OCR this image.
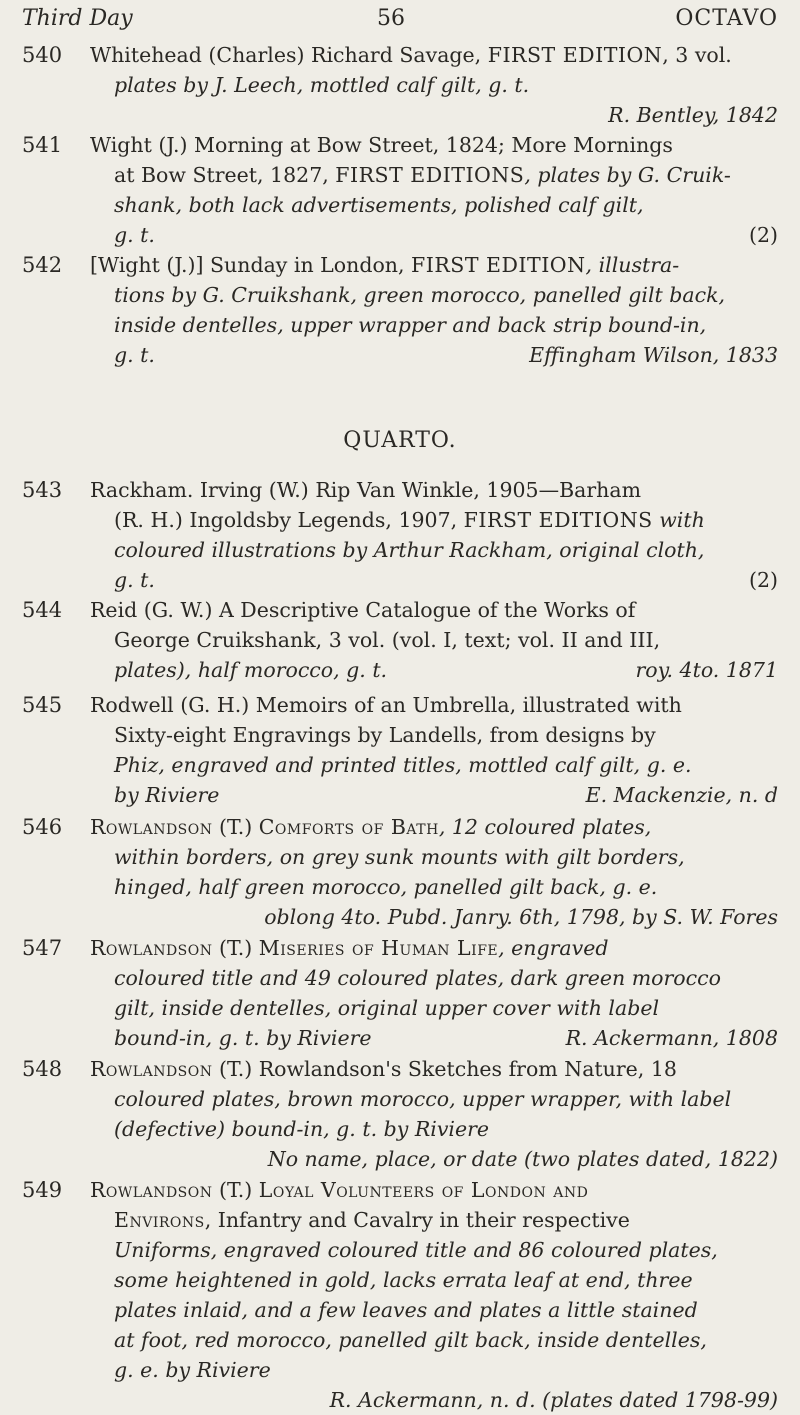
Third Day	56	OCTAVO
540	Whitehead (Charles) Richard Savage, FIRST EDITION, 3 vol.

plates by J. Leech, mottled calf gilt, g. t.

R. Bentley, 1842

541	Wight (J.) Morning at Bow Street, 1824; More Mornings

at Bow Street, 1827, FIRST EDITIONS, plates by G. Cruik-

shank, both lack advertisements, polished calf gilt,

g. t.	(2)

542	[Wight (J.)] Sunday in London, FIRST EDITION, illustra-

tions by G. Cruikshank, green morocco, panelled gilt back,

inside dentelles, upper wrapper and back strip bound-in,

g. t.	Effingham Wilson, 1833

QUARTO.
543	Rackham. Irving (W.) Rip Van Winkle, 1905—Barham

(R. H.) Ingoldsby Legends, 1907, FIRST EDITIONS with

coloured illustrations by Arthur Rackham, original cloth,

g. t.	(2)

544	Reid (G. W.) A Descriptive Catalogue of the Works of

George Cruikshank, 3 vol. (vol. I, text; vol. II and III,

plates), half morocco, g. t.	roy. 4to. 1871

545	Rodwell (G. H.) Memoirs of an Umbrella, illustrated with

Sixty-eight Engravings by Landells, from designs by

Phiz, engraved and printed titles, mottled calf gilt, g. e.

by Riviere	E. Mackenzie, n. d

546	Rowlandson (T.) Comforts of Bath, 12 coloured plates,

within borders, on grey sunk mounts with gilt borders,

hinged, half green morocco, panelled gilt back, g. e.

oblong 4to. Pubd. Janry. 6th, 1798, by S. W. Fores

547	Rowlandson (T.) Miseries of Human Life, engraved

coloured title and 49 coloured plates, dark green morocco

gilt, inside dentelles, original upper cover with label

bound-in, g. t. by Riviere	R. Ackermann, 1808

548	Rowlandson (T.) Rowlandson's Sketches from Nature, 18

coloured plates, brown morocco, upper wrapper, with label

(defective) bound-in, g. t. by Riviere

No name, place, or date (two plates dated, 1822)

549	Rowlandson (T.) Loyal Volunteers of London and

Environs, Infantry and Cavalry in their respective

Uniforms, engraved coloured title and 86 coloured plates,

some heightened in gold, lacks errata leaf at end, three

plates inlaid, and a few leaves and plates a little stained

at foot, red morocco, panelled gilt back, inside dentelles,

g. e. by Riviere

R. Ackermann, n. d. (plates dated 1798-99)
